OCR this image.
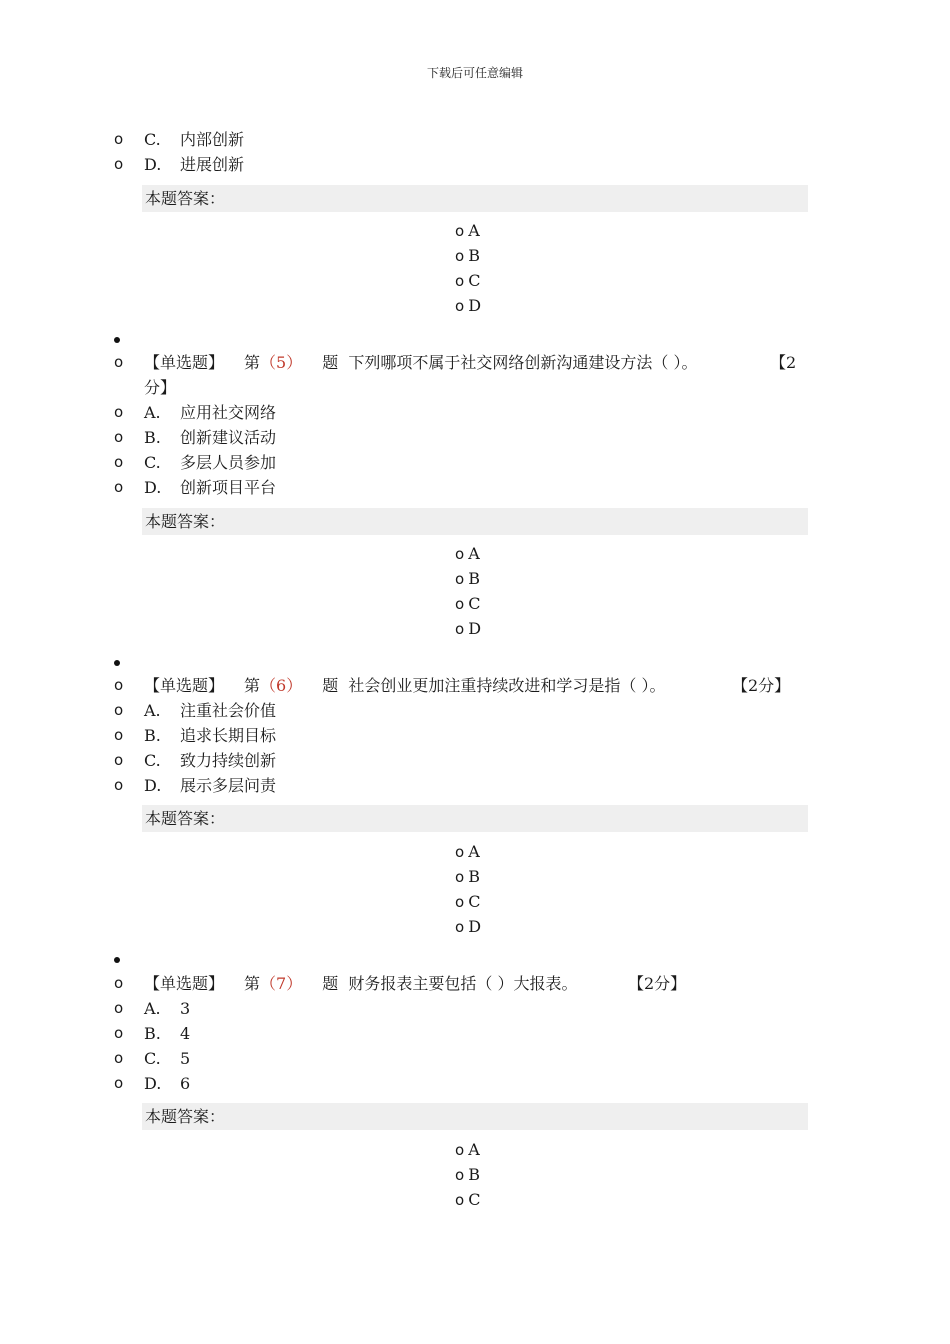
下载后可任意编辑
o C. 内部创新
o D. 进展创新
本题答案：
o A
o B
o C
o D
o 【单选题】 第（5） 题 下列哪项不属于社交网络创新沟通建设方法（ ）。	【2
分】
o A. 应用社交网络
o B. 创新建议活动
o C. 多层人员参加
o D. 创新项目平台
本题答案：
o A
o B
o C
o D
o 【单选题】 第（6） 题 社会创业更加注重持续改进和学习是指（ ）。	【2分】
o A. 注重社会价值
o B. 追求长期目标
o C. 致力持续创新
o D. 展示多层问责
本题答案：
o A
o B
o C
o D
o 【单选题】 第（7） 题 财务报表主要包括（ ）大报表。	【2分】
o A. 3
o B. 4
o C. 5
o D. 6
本题答案：
o A
o B
o C
